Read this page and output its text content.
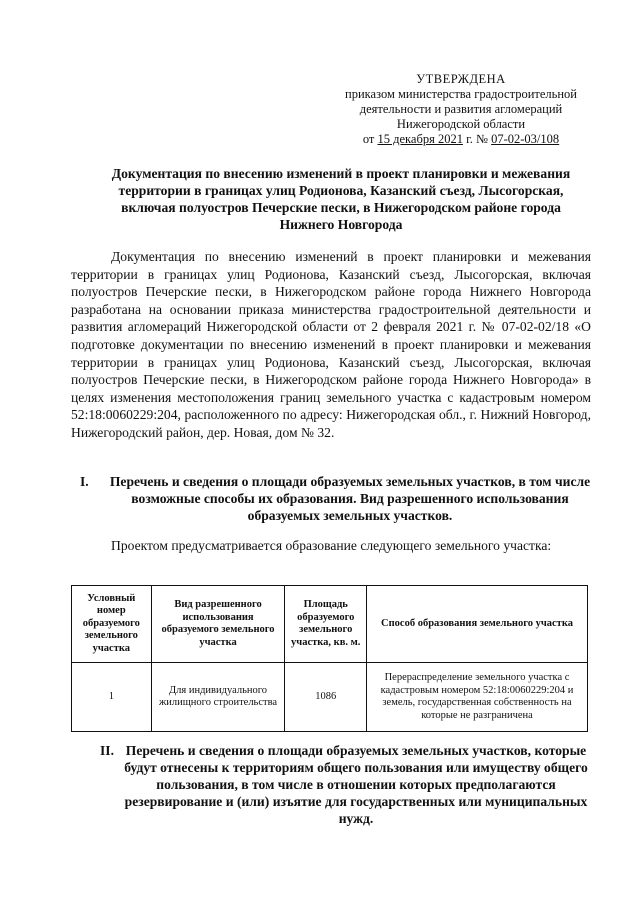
УТВЕРЖДЕНА
приказом министерства градостроительной
деятельности и развития агломераций
Нижегородской области
от 15 декабря 2021 г. № 07-02-03/108
Документация по внесению изменений в проект планировки и межевания территории в границах улиц Родионова, Казанский съезд, Лысогорская, включая полуостров Печерские пески, в Нижегородском районе города Нижнего Новгорода

Документация по внесению изменений в проект планировки и межевания территории в границах улиц Родионова, Казанский съезд, Лысогорская, включая полуостров Печерские пески, в Нижегородском районе города Нижнего Новгорода разработана на основании приказа министерства градостроительной деятельности и развития агломераций Нижегородской области от 2 февраля 2021 г. № 07-02-02/18 «О подготовке документации по внесению изменений в проект планировки и межевания территории в границах улиц Родионова, Казанский съезд, Лысогорская, включая полуостров Печерские пески, в Нижегородском районе города Нижнего Новгорода» в целях изменения местоположения границ земельного участка с кадастровым номером 52:18:0060229:204, расположенного по адресу: Нижегородская обл., г. Нижний Новгород, Нижегородский район, дер. Новая, дом № 32.

I.	Перечень и сведения о площади образуемых земельных участков, в том числе возможные способы их образования. Вид разрешенного использования образуемых земельных участков.

Проектом предусматривается образование следующего земельного участка:

Условный номер образуемого земельного участка	Вид разрешенного использования образуемого земельного участка	Площадь образуемого земельного участка, кв. м.	Способ образования земельного участка
1	Для индивидуального жилищного строительства	1086	Перераспределение земельного участка с кадастровым номером 52:18:0060229:204 и земель, государственная собственность на которые не разграничена
II. Перечень и сведения о площади образуемых земельных участков, которые будут отнесены к территориям общего пользования или имуществу общего пользования, в том числе в отношении которых предполагаются резервирование и (или) изъятие для государственных или муниципальных нужд.
